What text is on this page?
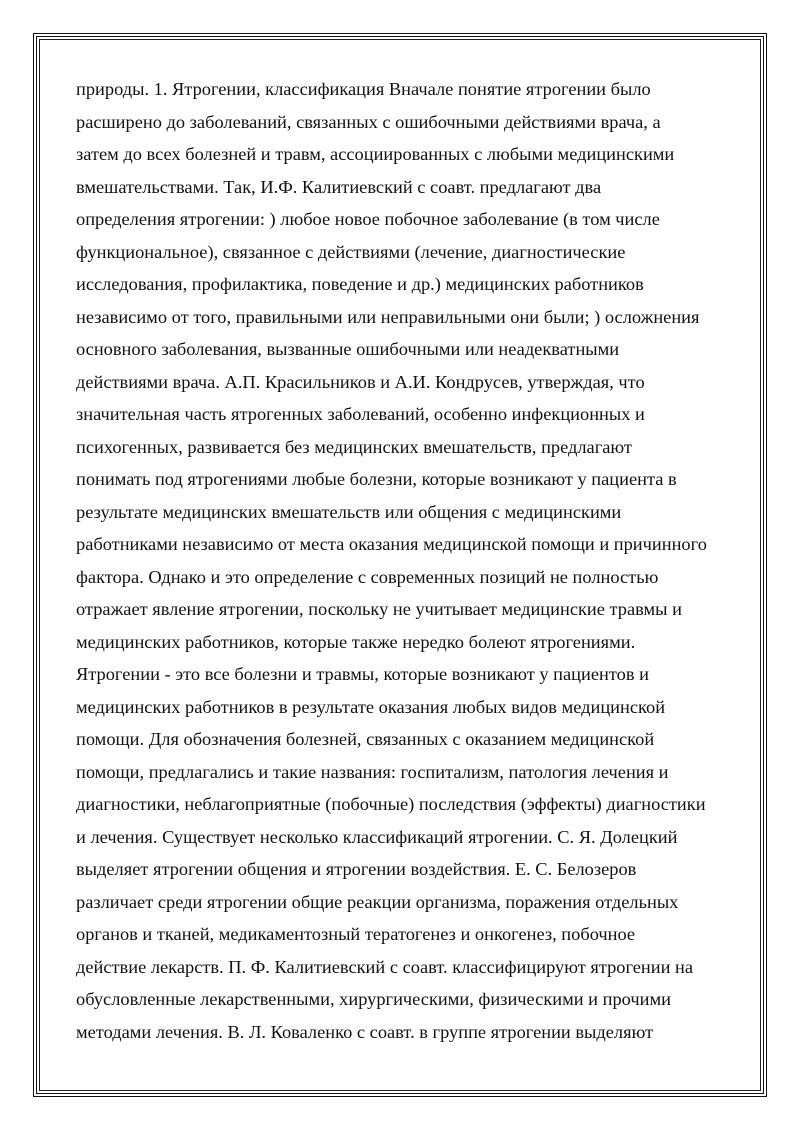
природы. 1. Ятрогении, классификация Вначале понятие ятрогении было
расширено до заболеваний, связанных с ошибочными действиями врача, а
затем до всех болезней и травм, ассоциированных с любыми медицинскими
вмешательствами. Так, И.Ф. Калитиевский с соавт. предлагают два
определения ятрогении: ) любое новое побочное заболевание (в том числе
функциональное), связанное с действиями (лечение, диагностические
исследования, профилактика, поведение и др.) медицинских работников
независимо от того, правильными или неправильными они были; ) осложнения
основного заболевания, вызванные ошибочными или неадекватными
действиями врача. А.П. Красильников и А.И. Кондрусев, утверждая, что
значительная часть ятрогенных заболеваний, особенно инфекционных и
психогенных, развивается без медицинских вмешательств, предлагают
понимать под ятрогениями любые болезни, которые возникают у пациента в
результате медицинских вмешательств или общения с медицинскими
работниками независимо от места оказания медицинской помощи и причинного
фактора. Однако и это определение с современных позиций не полностью
отражает явление ятрогении, поскольку не учитывает медицинские травмы и
медицинских работников, которые также нередко болеют ятрогениями.
Ятрогении - это все болезни и травмы, которые возникают у пациентов и
медицинских работников в результате оказания любых видов медицинской
помощи. Для обозначения болезней, связанных с оказанием медицинской
помощи, предлагались и такие названия: госпитализм, патология лечения и
диагностики, неблагоприятные (побочные) последствия (эффекты) диагностики
и лечения. Существует несколько классификаций ятрогении. С. Я. Долецкий
выделяет ятрогении общения и ятрогении воздействия. Е. С. Белозеров
различает среди ятрогении общие реакции организма, поражения отдельных
органов и тканей, медикаментозный тератогенез и онкогенез, побочное
действие лекарств. П. Ф. Калитиевский с соавт. классифицируют ятрогении на
обусловленные лекарственными, хирургическими, физическими и прочими
методами лечения. В. Л. Коваленко с соавт. в группе ятрогении выделяют
